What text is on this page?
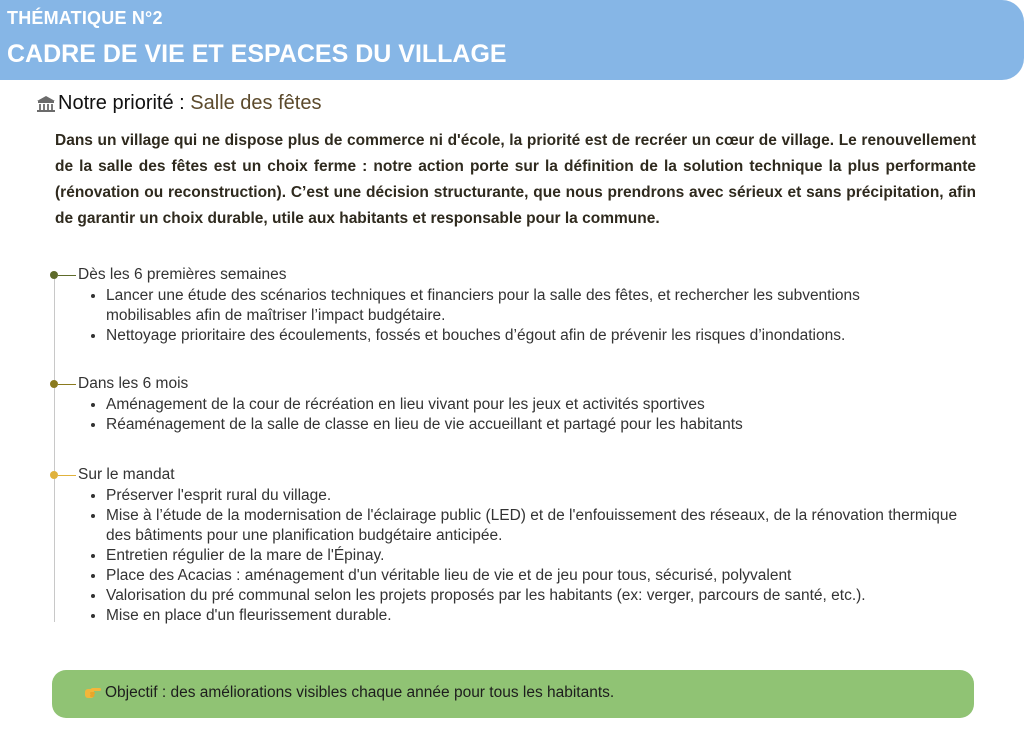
THÉMATIQUE N°2
CADRE DE VIE ET ESPACES DU VILLAGE
Notre priorité :
Salle des fêtes
Dans un village qui ne dispose plus de commerce ni d'école, la priorité est de recréer un cœur de village. Le renouvellement de la salle des fêtes est un choix ferme : notre action porte sur la définition de la solution technique la plus performante (rénovation ou reconstruction). C’est une décision structurante, que nous prendrons avec sérieux et sans précipitation, afin de garantir un choix durable, utile aux habitants et responsable pour la commune.
Dès les 6 premières semaines
• Lancer une étude des scénarios techniques et financiers pour la salle des fêtes, et rechercher les subventions mobilisables afin de maîtriser l’impact budgétaire.
• Nettoyage prioritaire des écoulements, fossés et bouches d’égout afin de prévenir les risques d’inondations.
Dans les 6 mois
• Aménagement de la cour de récréation en lieu vivant pour les jeux et activités sportives
• Réaménagement de la salle de classe en lieu de vie accueillant et partagé pour les habitants
Sur le mandat
• Préserver l'esprit rural du village.
• Mise à l’étude de la modernisation de l'éclairage public (LED) et de l'enfouissement des réseaux, de la rénovation thermique des bâtiments pour une planification budgétaire anticipée.
• Entretien régulier de la mare de l'Épinay.
• Place des Acacias : aménagement d'un véritable lieu de vie et de jeu pour tous, sécurisé, polyvalent
• Valorisation du pré communal selon les projets proposés par les habitants (ex: verger, parcours de santé, etc.).
• Mise en place d'un fleurissement durable.
Objectif : des améliorations visibles chaque année pour tous les habitants.
